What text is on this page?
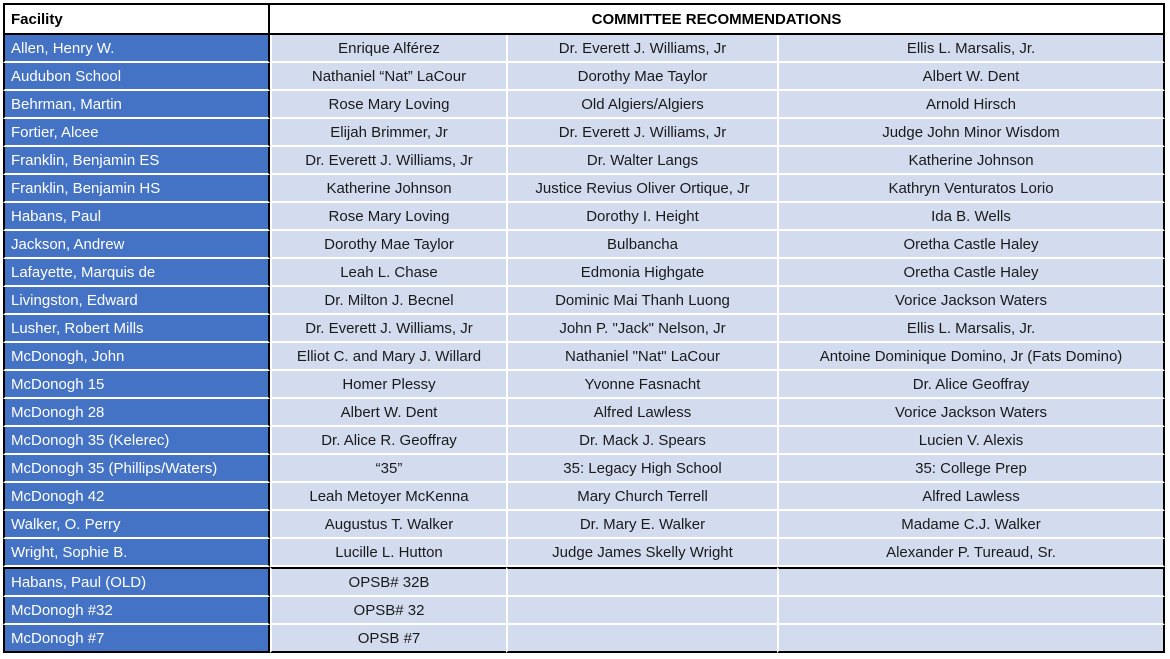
Facility	COMMITTEE RECOMMENDATIONS		
Allen, Henry W.	Enrique Alférez	Dr. Everett J. Williams, Jr	Ellis L. Marsalis, Jr.
Audubon School	Nathaniel “Nat” LaCour	Dorothy Mae Taylor	Albert W. Dent
Behrman, Martin	Rose Mary Loving	Old Algiers/Algiers	Arnold Hirsch
Fortier, Alcee	Elijah Brimmer, Jr	Dr. Everett J. Williams, Jr	Judge John Minor Wisdom
Franklin, Benjamin ES	Dr. Everett J. Williams, Jr	Dr. Walter Langs	Katherine Johnson
Franklin, Benjamin HS	Katherine Johnson	Justice Revius Oliver Ortique, Jr	Kathryn Venturatos Lorio
Habans, Paul	Rose Mary Loving	Dorothy I. Height	Ida B. Wells
Jackson, Andrew	Dorothy Mae Taylor	Bulbancha	Oretha Castle Haley
Lafayette, Marquis de	Leah L. Chase	Edmonia Highgate	Oretha Castle Haley
Livingston, Edward	Dr. Milton J. Becnel	Dominic Mai Thanh Luong	Vorice Jackson Waters
Lusher, Robert Mills	Dr. Everett J. Williams, Jr	John P. "Jack" Nelson, Jr	Ellis L. Marsalis, Jr.
McDonogh, John	Elliot C. and Mary J. Willard	Nathaniel "Nat" LaCour	Antoine Dominique Domino, Jr (Fats Domino)
McDonogh 15	Homer Plessy	Yvonne Fasnacht	Dr. Alice Geoffray
McDonogh 28	Albert W. Dent	Alfred Lawless	Vorice Jackson Waters
McDonogh 35 (Kelerec)	Dr. Alice R. Geoffray	Dr. Mack J. Spears	Lucien V. Alexis
McDonogh 35 (Phillips/Waters)	“35”	35: Legacy High School	35: College Prep
McDonogh 42	Leah Metoyer McKenna	Mary Church Terrell	Alfred Lawless
Walker, O. Perry	Augustus T. Walker	Dr. Mary E. Walker	Madame C.J. Walker
Wright, Sophie B.	Lucille L. Hutton	Judge James Skelly Wright	Alexander P. Tureaud, Sr.
Habans, Paul (OLD)	OPSB# 32B		
McDonogh #32	OPSB# 32		
McDonogh #7	OPSB #7		
